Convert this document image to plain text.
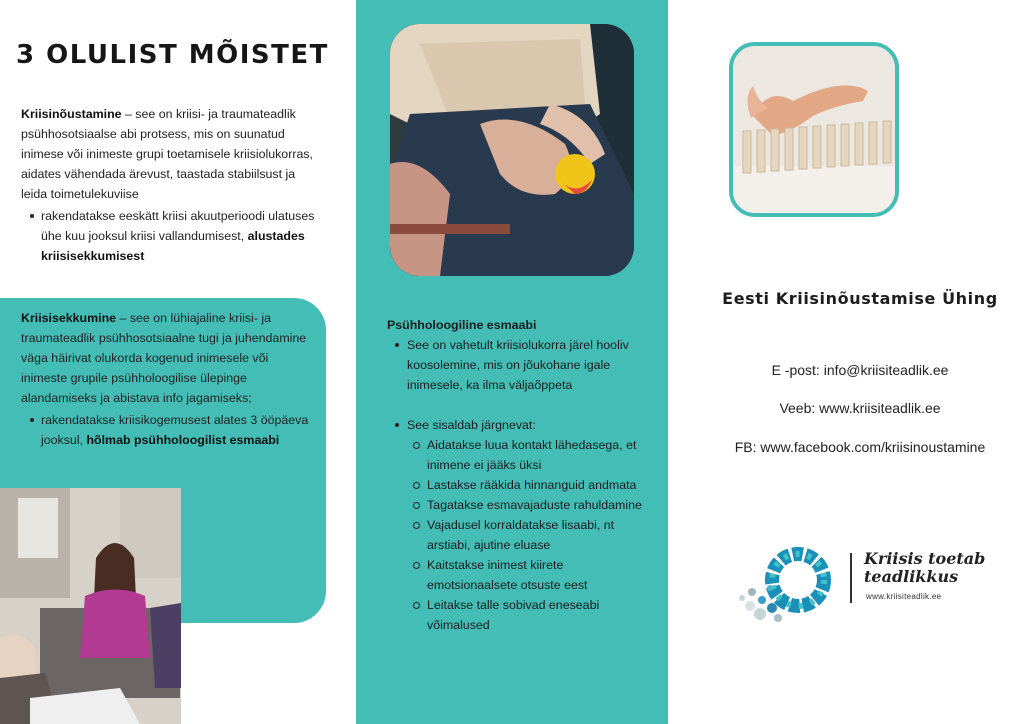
3 OLULIST MÕISTET

Kriisinõustamine – see on kriisi- ja traumateadlik psühhosotsiaalse abi protsess, mis on suunatud inimese või inimeste grupi toetamisele kriisiolukorras, aidates vähendada ärevust, taastada stabiilsust ja leida toimetulekuviise

rakendatakse eeskätt kriisi akuutperioodi ulatuses ühe kuu jooksul kriisi vallandumisest, alustades kriisisekkumisest

Kriisisekkumine – see on lühiajaline kriisi- ja traumateadlik psühhosotsiaalne tugi ja juhendamine väga häirivat olukorda kogenud inimesele või inimeste grupile psühholoogilise ülepinge alandamiseks ja abistava info jagamiseks;

rakendatakse kriisikogemusest alates 3 ööpäeva jooksul, hõlmab psühholoogilist esmaabi

Psühholoogiline esmaabi

See on vahetult kriisiolukorra järel hooliv koosolemine, mis on jõukohane igale inimesele, ka ilma väljaõppeta
See sisaldab järgnevat:
Aidatakse luua kontakt lähedasega, et inimene ei jääks üksi
Lastakse rääkida hinnanguid andmata
Tagatakse esmavajaduste rahuldamine
Vajadusel korraldatakse lisaabi, nt arstiabi, ajutine eluase
Kaitstakse inimest kiirete emotsionaalsete otsuste eest
Leitakse talle sobivad eneseabi võimalused
Eesti Kriisinõustamise Ühing
E -post: info@kriisiteadlik.ee
Veeb: www.kriisiteadlik.ee
FB: www.facebook.com/kriisinoustamine
Kriisis toetab
teadlikkus
www.kriisiteadlik.ee
